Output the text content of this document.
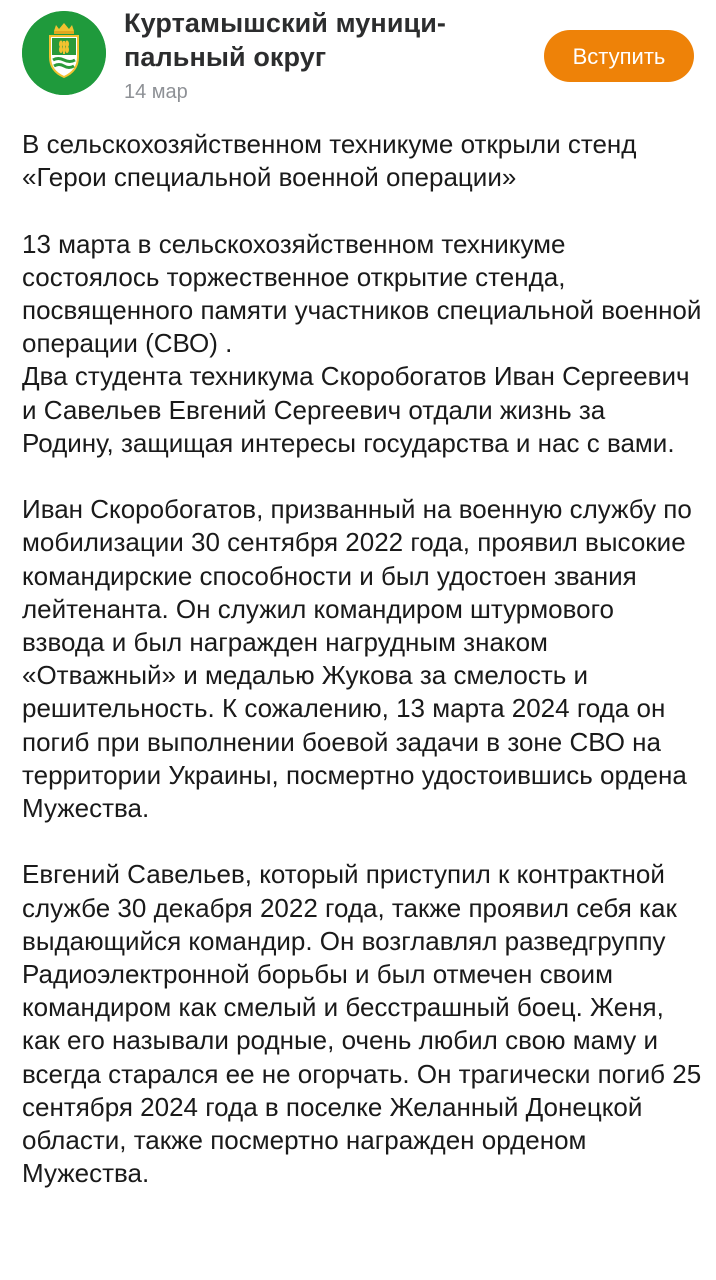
Куртамышский муници-пальный округ
14 мар
Вступить

В сельскохозяйственном техникуме открыли стенд «Герои специальной военной операции»

13 марта в сельскохозяйственном техникуме состоялось торжественное открытие стенда, посвященного памяти участников специальной военной операции (СВО) .
Два студента техникума Скоробогатов Иван Сергеевич и Савельев Евгений Сергеевич отдали жизнь за Родину, защищая интересы государства и нас с вами.

Иван Скоробогатов, призванный на военную службу по мобилизации 30 сентября 2022 года, проявил высокие командирские способности и был удостоен звания лейтенанта. Он служил командиром штурмового взвода и был награжден нагрудным знаком «Отважный» и медалью Жукова за смелость и решительность. К сожалению, 13 марта 2024 года он погиб при выполнении боевой задачи в зоне СВО на территории Украины, посмертно удостоившись ордена Мужества.

Евгений Савельев, который приступил к контрактной службе 30 декабря 2022 года, также проявил себя как выдающийся командир. Он возглавлял разведгруппу Радиоэлектронной борьбы и был отмечен своим командиром как смелый и бесстрашный боец. Женя, как его называли родные, очень любил свою маму и всегда старался ее не огорчать. Он трагически погиб 25 сентября 2024 года в поселке Желанный Донецкой области, также посмертно награжден орденом Мужества.
